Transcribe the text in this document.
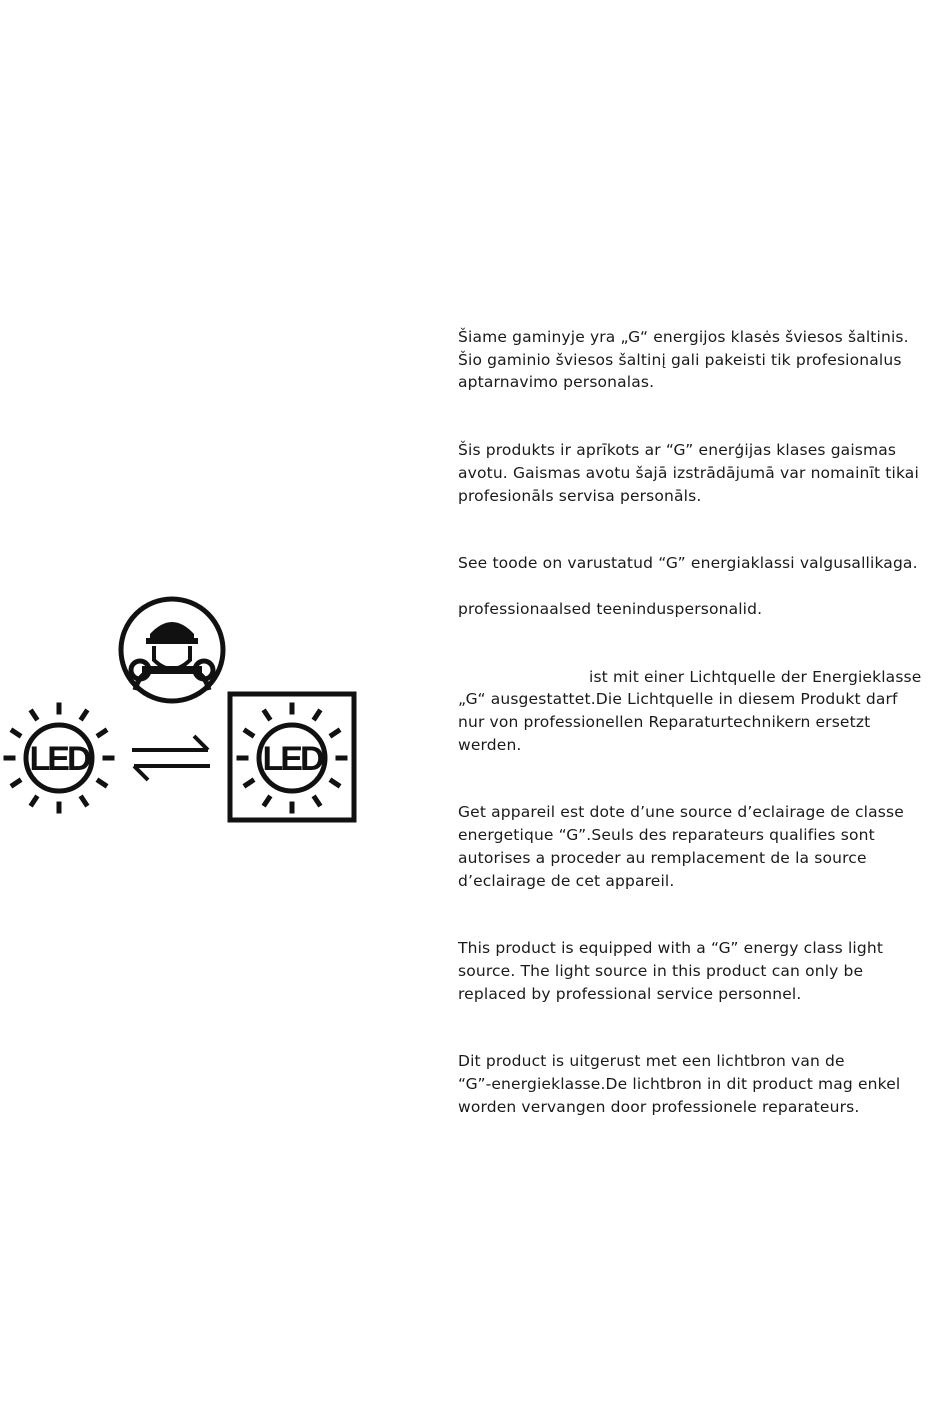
LED	LED

Šiame gaminyje yra „G“ energijos klasės šviesos šaltinis.
Šio gaminio šviesos šaltinį gali pakeisti tik profesionalus
aptarnavimo personalas.

Šis produkts ir aprīkots ar “G” enerģijas klases gaismas
avotu. Gaismas avotu šajā izstrādājumā var nomainīt tikai
profesionāls servisa personāls.

See toode on varustatud “G” energiaklassi valgusallikaga.

professionaalsed teeninduspersonalid.

ist mit einer Lichtquelle der Energieklasse
„G“ ausgestattet.Die Lichtquelle in diesem Produkt darf
nur von professionellen Reparaturtechnikern ersetzt
werden.

Get appareil est dote d’une source d’eclairage de classe
energetique “G”.Seuls des reparateurs qualifies sont
autorises a proceder au remplacement de la source
d’eclairage de cet appareil.

This product is equipped with a “G” energy class light
source. The light source in this product can only be
replaced by professional service personnel.

Dit product is uitgerust met een lichtbron van de
“G”-energieklasse.De lichtbron in dit product mag enkel
worden vervangen door professionele reparateurs.
